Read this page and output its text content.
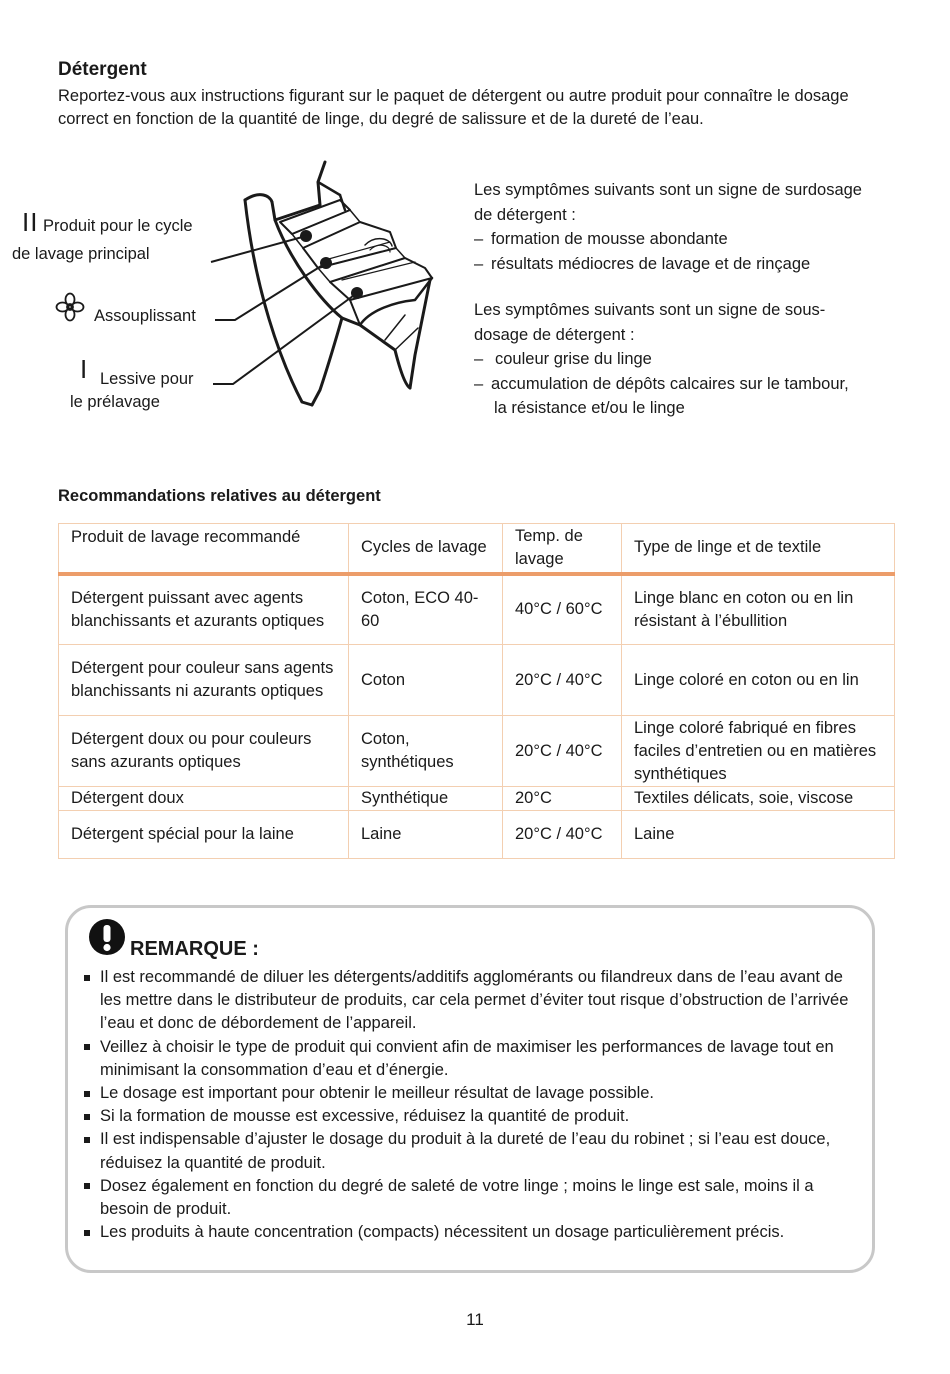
Détergent
Reportez-vous aux instructions figurant sur le paquet de détergent ou autre produit pour connaître le dosage correct en fonction de la quantité de linge, du degré de salissure et de la dureté de l’eau.
II Produit pour le cycle
de lavage principal
Assouplissant
I Lessive pour
le prélavage
Les symptômes suivants sont un signe de surdosage
de détergent :
– formation de mousse abondante
– résultats médiocres de lavage et de rinçage
Les symptômes suivants sont un signe de sous-
dosage de détergent :
– couleur grise du linge
– accumulation de dépôts calcaires sur le tambour,
la résistance et/ou le linge
Recommandations relatives au détergent
Produit de lavage recommandé	Cycles de lavage	Temp. de lavage	Type de linge et de textile
Détergent puissant avec agents blanchissants et azurants optiques	Coton, ECO 40-60	40°C / 60°C	Linge blanc en coton ou en lin résistant à l’ébullition
Détergent pour couleur sans agents blanchissants ni azurants optiques	Coton	20°C / 40°C	Linge coloré en coton ou en lin
Détergent doux ou pour couleurs sans azurants optiques	Coton, synthétiques	20°C / 40°C	Linge coloré fabriqué en fibres faciles d’entretien ou en matières synthétiques
Détergent doux	Synthétique	20°C	Textiles délicats, soie, viscose
Détergent spécial pour la laine	Laine	20°C / 40°C	Laine
REMARQUE :
Il est recommandé de diluer les détergents/additifs agglomérants ou filandreux dans de l’eau avant de les mettre dans le distributeur de produits, car cela permet d’éviter tout risque d’obstruction de l’arrivée l’eau et donc de débordement de l’appareil.
Veillez à choisir le type de produit qui convient afin de maximiser les performances de lavage tout en minimisant la consommation d’eau et d’énergie.
Le dosage est important pour obtenir le meilleur résultat de lavage possible.
Si la formation de mousse est excessive, réduisez la quantité de produit.
Il est indispensable d’ajuster le dosage du produit à la dureté de l’eau du robinet ; si l’eau est douce, réduisez la quantité de produit.
Dosez également en fonction du degré de saleté de votre linge ; moins le linge est sale, moins il a besoin de produit.
Les produits à haute concentration (compacts) nécessitent un dosage particulièrement précis.
11
